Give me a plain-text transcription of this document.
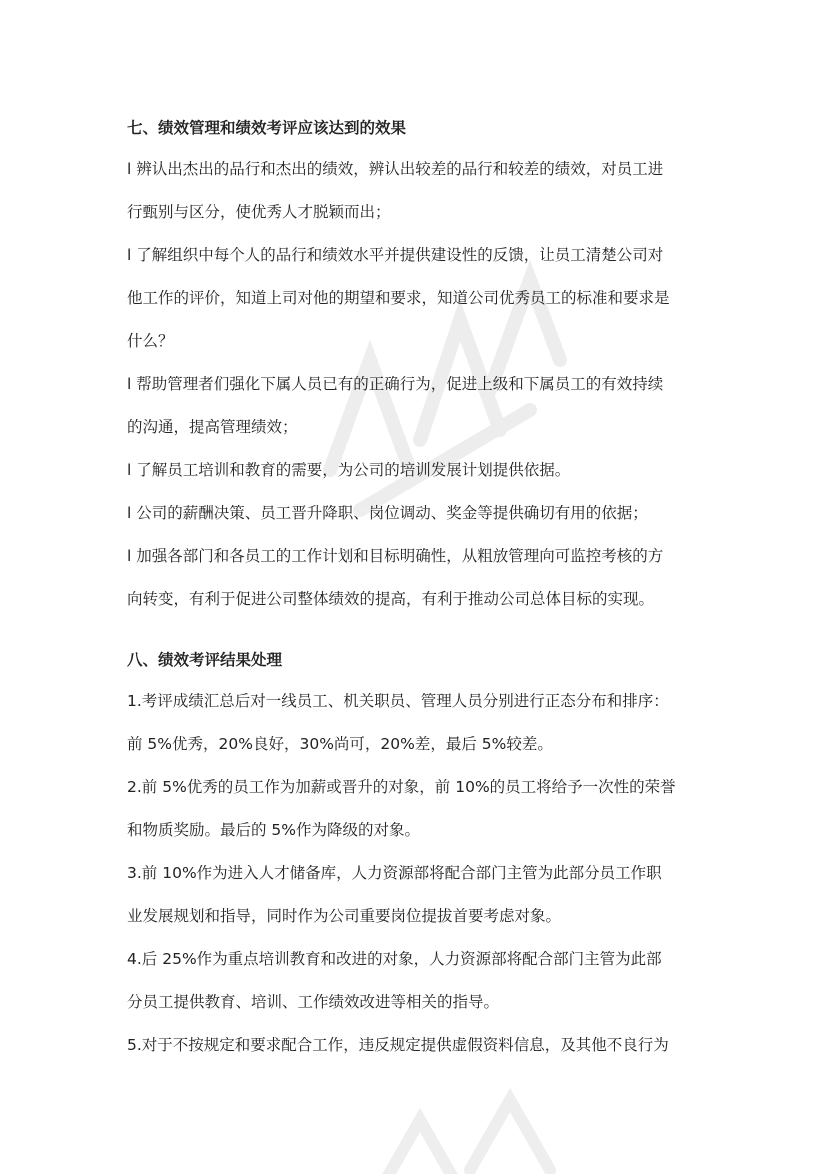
七、绩效管理和绩效考评应该达到的效果
l 辨认出杰出的品行和杰出的绩效，辨认出较差的品行和较差的绩效，对员工进
行甄别与区分，使优秀人才脱颖而出；
l 了解组织中每个人的品行和绩效水平并提供建设性的反馈，让员工清楚公司对
他工作的评价，知道上司对他的期望和要求，知道公司优秀员工的标准和要求是
什么？
l 帮助管理者们强化下属人员已有的正确行为，促进上级和下属员工的有效持续
的沟通，提高管理绩效；
l 了解员工培训和教育的需要，为公司的培训发展计划提供依据。
l 公司的薪酬决策、员工晋升降职、岗位调动、奖金等提供确切有用的依据；
l 加强各部门和各员工的工作计划和目标明确性，从粗放管理向可监控考核的方
向转变，有利于促进公司整体绩效的提高，有利于推动公司总体目标的实现。
八、绩效考评结果处理
1.考评成绩汇总后对一线员工、机关职员、管理人员分别进行正态分布和排序：
前 5%优秀，20%良好，30%尚可，20%差，最后 5%较差。
2.前 5%优秀的员工作为加薪或晋升的对象，前 10%的员工将给予一次性的荣誉
和物质奖励。最后的 5%作为降级的对象。
3.前 10%作为进入人才储备库，人力资源部将配合部门主管为此部分员工作职
业发展规划和指导，同时作为公司重要岗位提拔首要考虑对象。
4.后 25%作为重点培训教育和改进的对象，人力资源部将配合部门主管为此部
分员工提供教育、培训、工作绩效改进等相关的指导。
5.对于不按规定和要求配合工作，违反规定提供虚假资料信息，及其他不良行为
